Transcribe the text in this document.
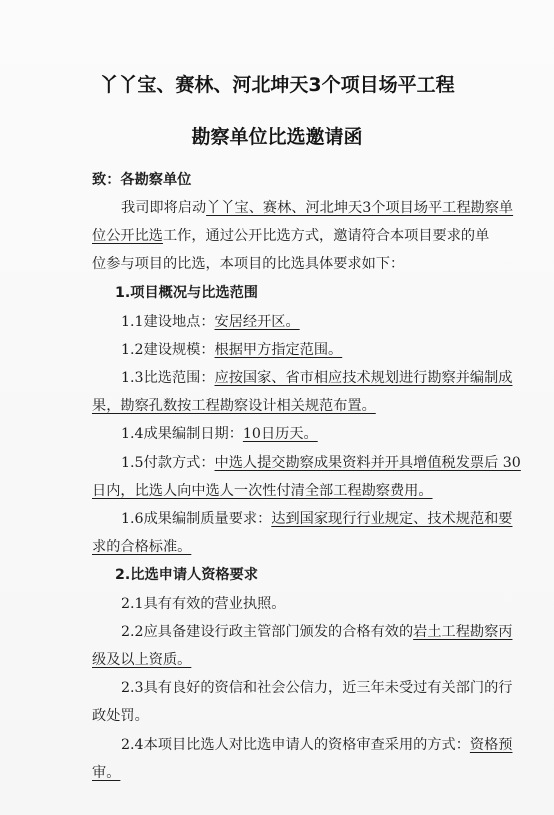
丫丫宝、赛林、河北坤天3个项目场平工程
勘察单位比选邀请函
致：各勘察单位
我司即将启动丫丫宝、赛林、河北坤天3个项目场平工程勘察单
位公开比选工作，通过公开比选方式，邀请符合本项目要求的单
位参与项目的比选，本项目的比选具体要求如下：
1.项目概况与比选范围
1.1建设地点：安居经开区。
1.2建设规模：根据甲方指定范围。
1.3比选范围：应按国家、省市相应技术规划进行勘察并编制成
果，勘察孔数按工程勘察设计相关规范布置。
1.4成果编制日期：10日历天。
1.5付款方式：中选人提交勘察成果资料并开具增值税发票后 30
日内，比选人向中选人一次性付清全部工程勘察费用。
1.6成果编制质量要求：达到国家现行行业规定、技术规范和要
求的合格标准。
2.比选申请人资格要求
2.1具有有效的营业执照。
2.2应具备建设行政主管部门颁发的合格有效的岩土工程勘察丙
级及以上资质。
2.3具有良好的资信和社会公信力，近三年未受过有关部门的行
政处罚。
2.4本项目比选人对比选申请人的资格审查采用的方式：资格预
审。
